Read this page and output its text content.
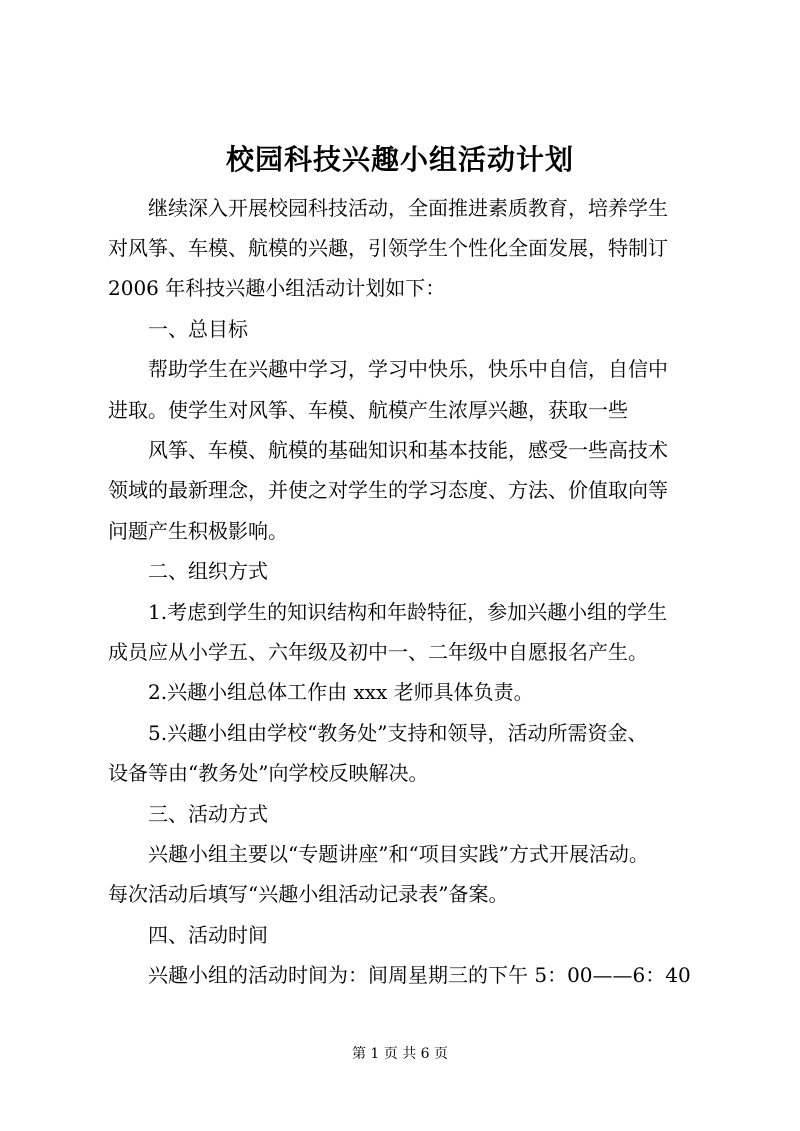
校园科技兴趣小组活动计划
继续深入开展校园科技活动，全面推进素质教育，培养学生
对风筝、车模、航模的兴趣，引领学生个性化全面发展，特制订
2006 年科技兴趣小组活动计划如下：
一、总目标
帮助学生在兴趣中学习，学习中快乐，快乐中自信，自信中
进取。使学生对风筝、车模、航模产生浓厚兴趣，获取一些
风筝、车模、航模的基础知识和基本技能，感受一些高技术
领域的最新理念，并使之对学生的学习态度、方法、价值取向等
问题产生积极影响。
二、组织方式
1.考虑到学生的知识结构和年龄特征，参加兴趣小组的学生
成员应从小学五、六年级及初中一、二年级中自愿报名产生。
2.兴趣小组总体工作由 xxx 老师具体负责。
5.兴趣小组由学校“教务处”支持和领导，活动所需资金、
设备等由“教务处”向学校反映解决。
三、活动方式
兴趣小组主要以“专题讲座”和“项目实践”方式开展活动。
每次活动后填写“兴趣小组活动记录表”备案。
四、活动时间
兴趣小组的活动时间为：间周星期三的下午 5：00——6：40
第 1 页 共 6 页
